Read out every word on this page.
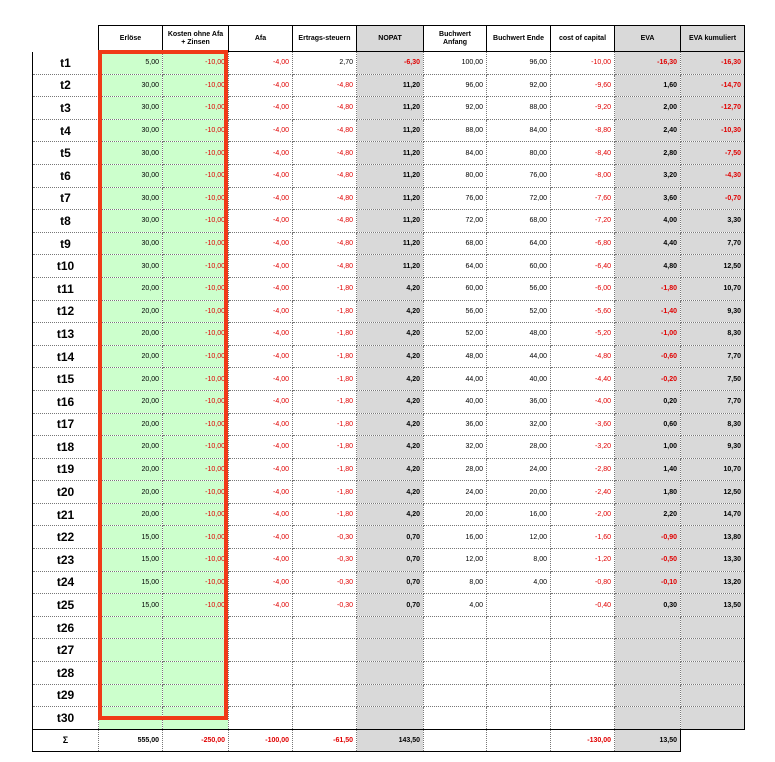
	Erlöse	Kosten ohne Afa + Zinsen	Afa	Ertrags-steuern	NOPAT	Buchwert Anfang	Buchwert Ende	cost of capital	EVA	EVA kumuliert
t1	5,00	-10,00	-4,00	2,70	-6,30	100,00	96,00	-10,00	-16,30	-16,30
t2	30,00	-10,00	-4,00	-4,80	11,20	96,00	92,00	-9,60	1,60	-14,70
t3	30,00	-10,00	-4,00	-4,80	11,20	92,00	88,00	-9,20	2,00	-12,70
t4	30,00	-10,00	-4,00	-4,80	11,20	88,00	84,00	-8,80	2,40	-10,30
t5	30,00	-10,00	-4,00	-4,80	11,20	84,00	80,00	-8,40	2,80	-7,50
t6	30,00	-10,00	-4,00	-4,80	11,20	80,00	76,00	-8,00	3,20	-4,30
t7	30,00	-10,00	-4,00	-4,80	11,20	76,00	72,00	-7,60	3,60	-0,70
t8	30,00	-10,00	-4,00	-4,80	11,20	72,00	68,00	-7,20	4,00	3,30
t9	30,00	-10,00	-4,00	-4,80	11,20	68,00	64,00	-6,80	4,40	7,70
t10	30,00	-10,00	-4,00	-4,80	11,20	64,00	60,00	-6,40	4,80	12,50
t11	20,00	-10,00	-4,00	-1,80	4,20	60,00	56,00	-6,00	-1,80	10,70
t12	20,00	-10,00	-4,00	-1,80	4,20	56,00	52,00	-5,60	-1,40	9,30
t13	20,00	-10,00	-4,00	-1,80	4,20	52,00	48,00	-5,20	-1,00	8,30
t14	20,00	-10,00	-4,00	-1,80	4,20	48,00	44,00	-4,80	-0,60	7,70
t15	20,00	-10,00	-4,00	-1,80	4,20	44,00	40,00	-4,40	-0,20	7,50
t16	20,00	-10,00	-4,00	-1,80	4,20	40,00	36,00	-4,00	0,20	7,70
t17	20,00	-10,00	-4,00	-1,80	4,20	36,00	32,00	-3,60	0,60	8,30
t18	20,00	-10,00	-4,00	-1,80	4,20	32,00	28,00	-3,20	1,00	9,30
t19	20,00	-10,00	-4,00	-1,80	4,20	28,00	24,00	-2,80	1,40	10,70
t20	20,00	-10,00	-4,00	-1,80	4,20	24,00	20,00	-2,40	1,80	12,50
t21	20,00	-10,00	-4,00	-1,80	4,20	20,00	16,00	-2,00	2,20	14,70
t22	15,00	-10,00	-4,00	-0,30	0,70	16,00	12,00	-1,60	-0,90	13,80
t23	15,00	-10,00	-4,00	-0,30	0,70	12,00	8,00	-1,20	-0,50	13,30
t24	15,00	-10,00	-4,00	-0,30	0,70	8,00	4,00	-0,80	-0,10	13,20
t25	15,00	-10,00	-4,00	-0,30	0,70	4,00		-0,40	0,30	13,50
t26										
t27										
t28										
t29										
t30										
Σ	555,00	-250,00	-100,00	-61,50	143,50			-130,00	13,50	
